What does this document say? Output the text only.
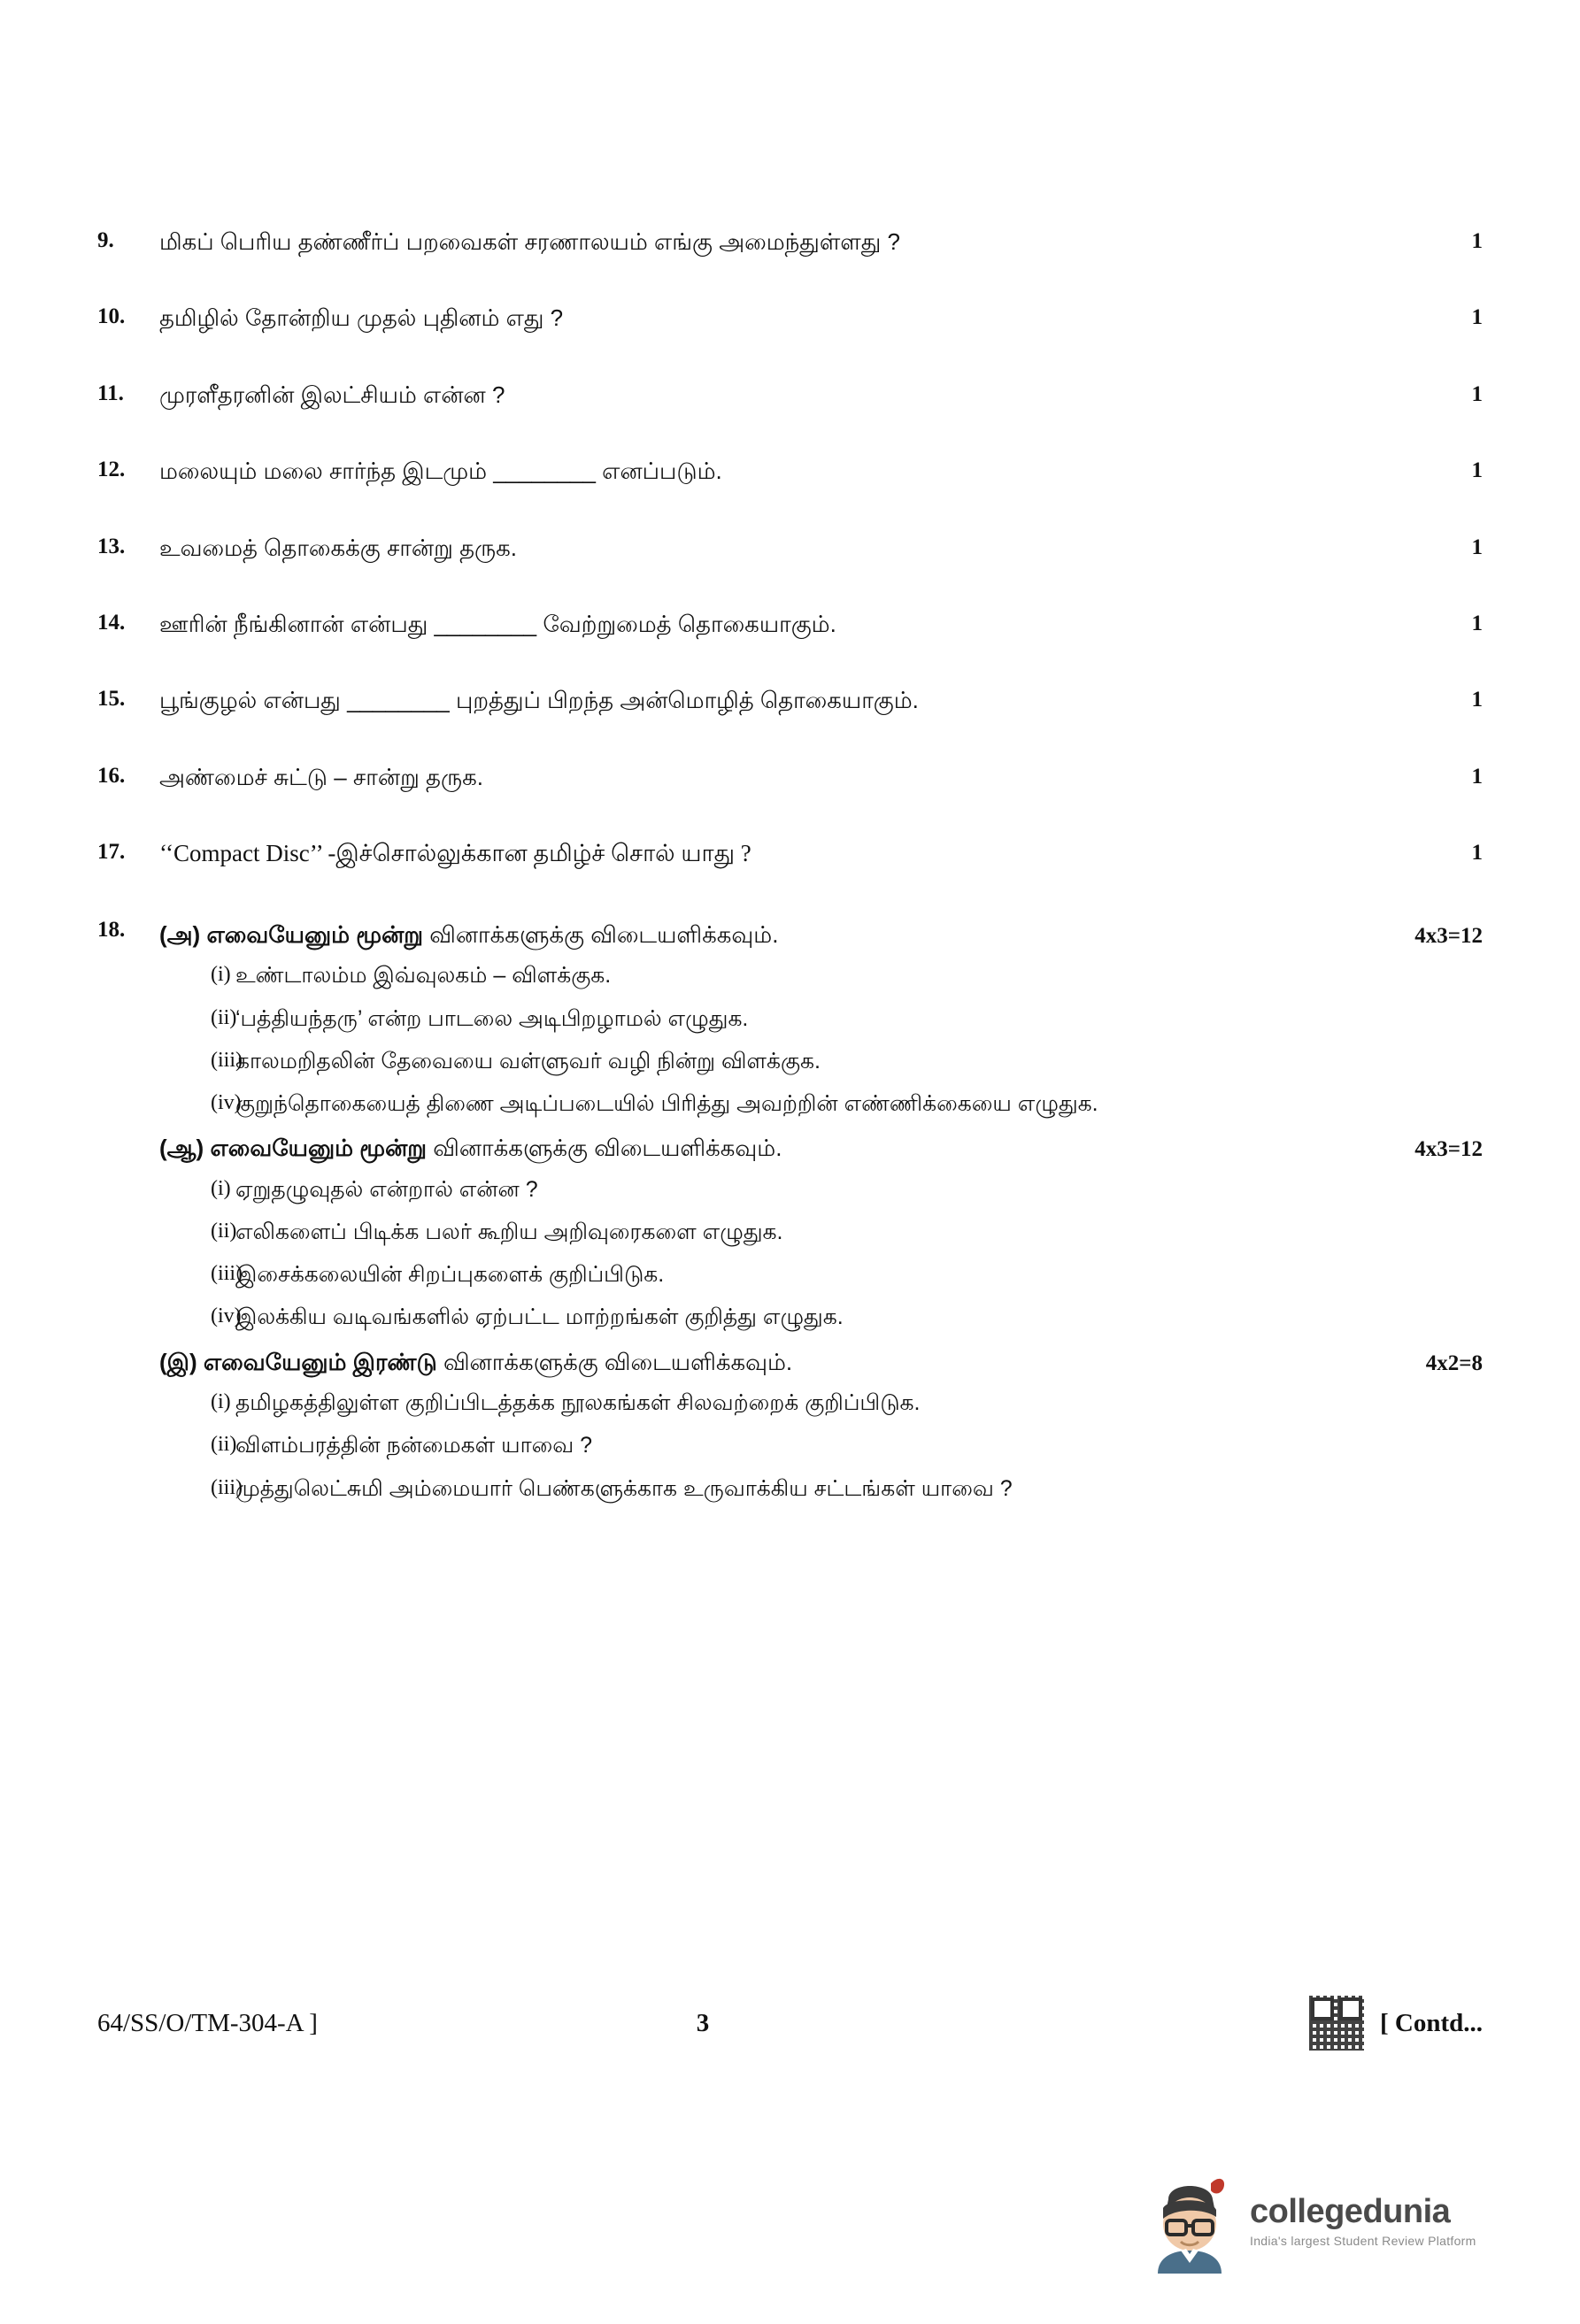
9.	மிகப் பெரிய தண்ணீர்ப் பறவைகள் சரணாலயம் எங்கு அமைந்துள்ளது ?	1
10.	தமிழில் தோன்றிய முதல் புதினம் எது ?	1
11.	முரளீதரனின் இலட்சியம் என்ன ?	1
12.	மலையும் மலை சார்ந்த இடமும் ________ எனப்படும்.	1
13.	உவமைத் தொகைக்கு சான்று தருக.	1
14.	ஊரின் நீங்கினான் என்பது ________ வேற்றுமைத் தொகையாகும்.	1
15.	பூங்குழல் என்பது ________ புறத்துப் பிறந்த அன்மொழித் தொகையாகும்.	1
16.	அண்மைச் சுட்டு – சான்று தருக.	1
17.	‘‘Compact Disc’’ -இச்சொல்லுக்கான தமிழ்ச் சொல் யாது ?	1
18.	(அ) எவையேனும் மூன்று வினாக்களுக்கு விடையளிக்கவும்.	4x3=12
(i) உண்டாலம்ம இவ்வுலகம் – விளக்குக.
(ii)
‘பத்தியந்தரு’ என்ற பாடலை அடிபிறழாமல் எழுதுக.
(iii)
காலமறிதலின் தேவையை வள்ளுவர் வழி நின்று விளக்குக.
(iv)
குறுந்தொகையைத் திணை அடிப்படையில் பிரித்து அவற்றின் எண்ணிக்கையை எழுதுக.
(ஆ) எவையேனும் மூன்று வினாக்களுக்கு விடையளிக்கவும்.	4x3=12
(i) ஏறுதழுவுதல் என்றால் என்ன ?
(ii)
எலிகளைப் பிடிக்க பலர் கூறிய அறிவுரைகளை எழுதுக.
(iii)
இசைக்கலையின் சிறப்புகளைக் குறிப்பிடுக.
(iv)
இலக்கிய வடிவங்களில் ஏற்பட்ட மாற்றங்கள் குறித்து எழுதுக.
(இ) எவையேனும் இரண்டு வினாக்களுக்கு விடையளிக்கவும்.	4x2=8
(i) தமிழகத்திலுள்ள குறிப்பிடத்தக்க நூலகங்கள் சிலவற்றைக் குறிப்பிடுக.
(ii)
விளம்பரத்தின் நன்மைகள் யாவை ?
(iii)
முத்துலெட்சுமி அம்மையார் பெண்களுக்காக உருவாக்கிய சட்டங்கள் யாவை ?
64/SS/O/TM-304-A ]	3	[ Contd...
collegedunia
India's largest Student Review Platform
